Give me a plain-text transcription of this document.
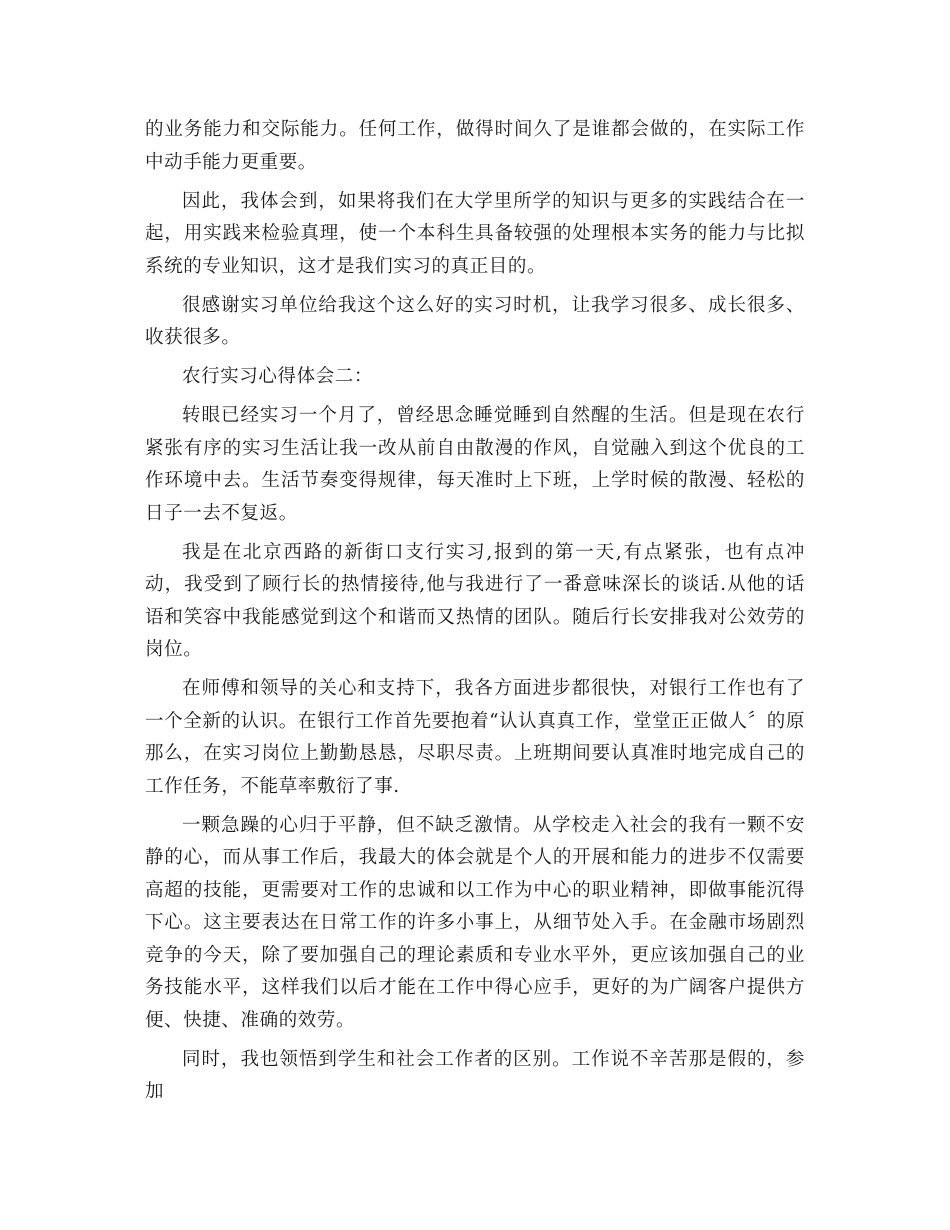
的业务能力和交际能力。任何工作，做得时间久了是谁都会做的，在实际工作中动手能力更重要。

因此，我体会到，如果将我们在大学里所学的知识与更多的实践结合在一起，用实践来检验真理，使一个本科生具备较强的处理根本实务的能力与比拟系统的专业知识，这才是我们实习的真正目的。

很感谢实习单位给我这个这么好的实习时机，让我学习很多、成长很多、收获很多。

农行实习心得体会二：

转眼已经实习一个月了，曾经思念睡觉睡到自然醒的生活。但是现在农行紧张有序的实习生活让我一改从前自由散漫的作风，自觉融入到这个优良的工作环境中去。生活节奏变得规律，每天准时上下班，上学时候的散漫、轻松的日子一去不复返。

我是在北京西路的新街口支行实习,报到的第一天,有点紧张，也有点冲动，我受到了顾行长的热情接待,他与我进行了一番意味深长的谈话.从他的话语和笑容中我能感觉到这个和谐而又热情的团队。随后行长安排我对公效劳的岗位。

在师傅和领导的关心和支持下，我各方面进步都很快，对银行工作也有了一个全新的认识。在银行工作首先要抱着“认认真真工作，堂堂正正做人〞的原那么，在实习岗位上勤勤恳恳，尽职尽责。上班期间要认真准时地完成自己的工作任务，不能草率敷衍了事.

一颗急躁的心归于平静，但不缺乏激情。从学校走入社会的我有一颗不安静的心，而从事工作后，我最大的体会就是个人的开展和能力的进步不仅需要高超的技能，更需要对工作的忠诚和以工作为中心的职业精神，即做事能沉得下心。这主要表达在日常工作的许多小事上，从细节处入手。在金融市场剧烈竞争的今天，除了要加强自己的理论素质和专业水平外，更应该加强自己的业务技能水平，这样我们以后才能在工作中得心应手，更好的为广阔客户提供方便、快捷、准确的效劳。

同时，我也领悟到学生和社会工作者的区别。工作说不辛苦那是假的，参加
